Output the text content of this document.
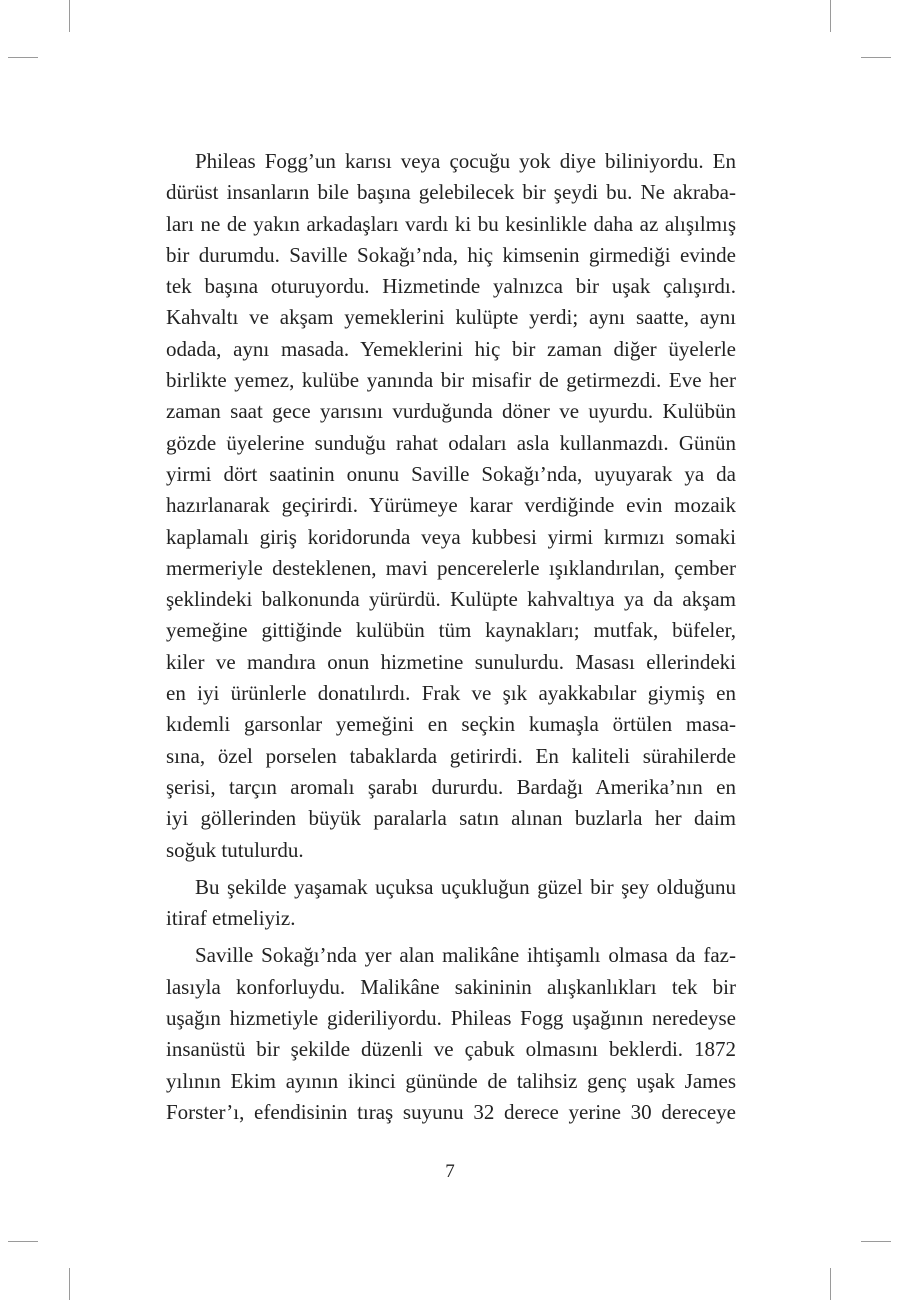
Phileas Fogg’un karısı veya çocuğu yok diye biliniyordu. En
dürüst insanların bile başına gelebilecek bir şeydi bu. Ne akraba-
ları ne de yakın arkadaşları vardı ki bu kesinlikle daha az alışılmış
bir durumdu. Saville Sokağı’nda, hiç kimsenin girmediği evinde
tek başına oturuyordu. Hizmetinde yalnızca bir uşak çalışırdı.
Kahvaltı ve akşam yemeklerini kulüpte yerdi; aynı saatte, aynı
odada, aynı masada. Yemeklerini hiç bir zaman diğer üyelerle
birlikte yemez, kulübe yanında bir misafir de getirmezdi. Eve her
zaman saat gece yarısını vurduğunda döner ve uyurdu. Kulübün
gözde üyelerine sunduğu rahat odaları asla kullanmazdı. Günün
yirmi dört saatinin onunu Saville Sokağı’nda, uyuyarak ya da
hazırlanarak geçirirdi. Yürümeye karar verdiğinde evin mozaik
kaplamalı giriş koridorunda veya kubbesi yirmi kırmızı somaki
mermeriyle desteklenen, mavi pencerelerle ışıklandırılan, çember
şeklindeki balkonunda yürürdü. Kulüpte kahvaltıya ya da akşam
yemeğine gittiğinde kulübün tüm kaynakları; mutfak, büfeler,
kiler ve mandıra onun hizmetine sunulurdu. Masası ellerindeki
en iyi ürünlerle donatılırdı. Frak ve şık ayakkabılar giymiş en
kıdemli garsonlar yemeğini en seçkin kumaşla örtülen masa-
sına, özel porselen tabaklarda getirirdi. En kaliteli sürahilerde
şerisi, tarçın aromalı şarabı dururdu. Bardağı Amerika’nın en
iyi göllerinden büyük paralarla satın alınan buzlarla her daim
soğuk tutulurdu.

Bu şekilde yaşamak uçuksa uçukluğun güzel bir şey olduğunu
itiraf etmeliyiz.

Saville Sokağı’nda yer alan malikâne ihtişamlı olmasa da faz-
lasıyla konforluydu. Malikâne sakininin alışkanlıkları tek bir
uşağın hizmetiyle gideriliyordu. Phileas Fogg uşağının neredeyse
insanüstü bir şekilde düzenli ve çabuk olmasını beklerdi. 1872
yılının Ekim ayının ikinci gününde de talihsiz genç uşak James
Forster’ı, efendisinin tıraş suyunu 32 derece yerine 30 dereceye

7
